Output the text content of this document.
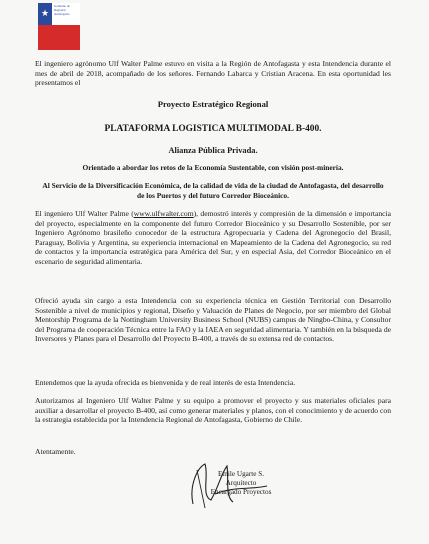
★
Gobierno de
Regional
Antofagasta
El ingeniero agrónomo Ulf Walter Palme estuvo en visita a la Región de Antofagasta y esta Intendencia durante el mes de abril de 2018, acompañado de los señores. Fernando Labarca y Cristian Aracena. En esta oportunidad les presentamos el
Proyecto Estratégico Regional
PLATAFORMA LOGISTICA MULTIMODAL B-400.
Alianza Pública Privada.
Orientado a abordar los retos de la Economía Sustentable, con visión post-minería.
Al Servicio de la Diversificación Económica, de la calidad de vida de la ciudad de Antofagasta, del desarrollo de los Puertos y del futuro Corredor Bioceánico.
El ingeniero Ulf Walter Palme (www.ulfwalter.com), demostró interés y compresión de la dimensión e importancia del proyecto, especialmente en la componente del futuro Corredor Bioceánico y su Desarrollo Sostenible, por ser Ingeniero Agrónomo brasileño conocedor de la estructura Agropecuaria y Cadena del Agronegocio del Brasil, Paraguay, Bolivia y Argentina, su experiencia internacional en Mapeamiento de la Cadena del Agronegocio, su red de contactos y la importancia estratégica para América del Sur, y en especial Asia, del Corredor Bioceánico en el escenario de seguridad alimentaria.
Ofreció ayuda sin cargo a esta Intendencia con su experiencia técnica en Gestión Territorial con Desarrollo Sostenible a nivel de municipios y regional, Diseño y Valuación de Planes de Negocio, por ser miembro del Global Mentorship Programa de la Nottingham University Business School (NUBS) campus de Ningbo-China, y Consultor del Programa de cooperación Técnica entre la FAO y la IAEA en seguridad alimentaria. Y también en la búsqueda de Inversores y Planes para el Desarrollo del Proyecto B-400, a través de su extensa red de contactos.
Entendemos que la ayuda ofrecida es bienvenida y de real interés de esta Intendencia.
Autorizamos al Ingeniero Ulf Walter Palme y su equipo a promover el proyecto y sus materiales oficiales para auxiliar a desarrollar el proyecto B-400, así como generar materiales y planos, con el conocimiento y de acuerdo con la estrategia establecida por la Intendencia Regional de Antofagasta, Gobierno de Chile.
Atentamente.
Emile Ugarte S.
Arquitecto
Encargado Proyectos
